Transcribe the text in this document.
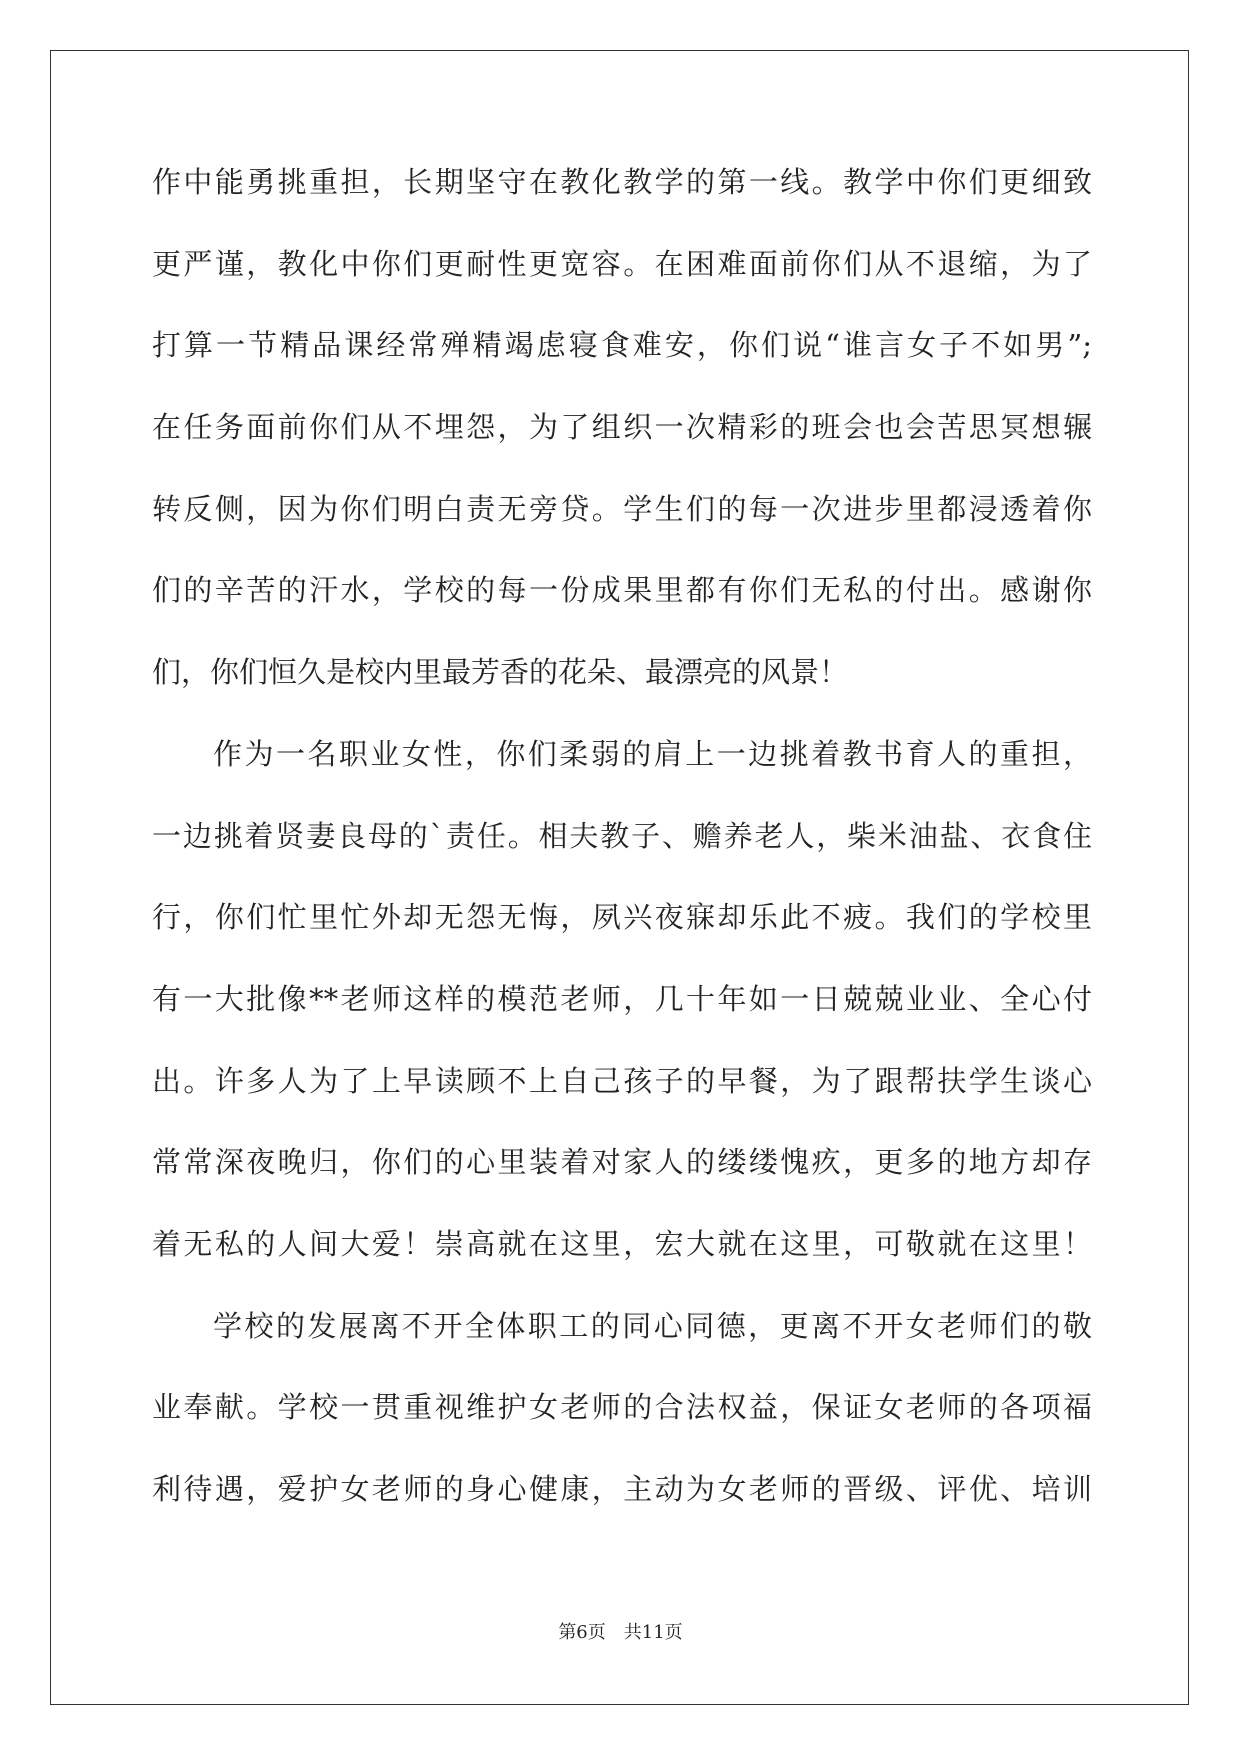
作中能勇挑重担，长期坚守在教化教学的第一线。教学中你们更细致
更严谨，教化中你们更耐性更宽容。在困难面前你们从不退缩，为了
打算一节精品课经常殚精竭虑寝食难安，你们说“谁言女子不如男”;
在任务面前你们从不埋怨，为了组织一次精彩的班会也会苦思冥想辗
转反侧，因为你们明白责无旁贷。学生们的每一次进步里都浸透着你
们的辛苦的汗水，学校的每一份成果里都有你们无私的付出。感谢你
们，你们恒久是校内里最芳香的花朵、最漂亮的风景！
作为一名职业女性，你们柔弱的肩上一边挑着教书育人的重担，
一边挑着贤妻良母的`责任。相夫教子、赡养老人，柴米油盐、衣食住
行，你们忙里忙外却无怨无悔，夙兴夜寐却乐此不疲。我们的学校里
有一大批像**老师这样的模范老师，几十年如一日兢兢业业、全心付
出。许多人为了上早读顾不上自己孩子的早餐，为了跟帮扶学生谈心
常常深夜晚归，你们的心里装着对家人的缕缕愧疚，更多的地方却存
着无私的人间大爱！崇高就在这里，宏大就在这里，可敬就在这里！
学校的发展离不开全体职工的同心同德，更离不开女老师们的敬
业奉献。学校一贯重视维护女老师的合法权益，保证女老师的各项福
利待遇，爱护女老师的身心健康，主动为女老师的晋级、评优、培训
第6页　共11页
